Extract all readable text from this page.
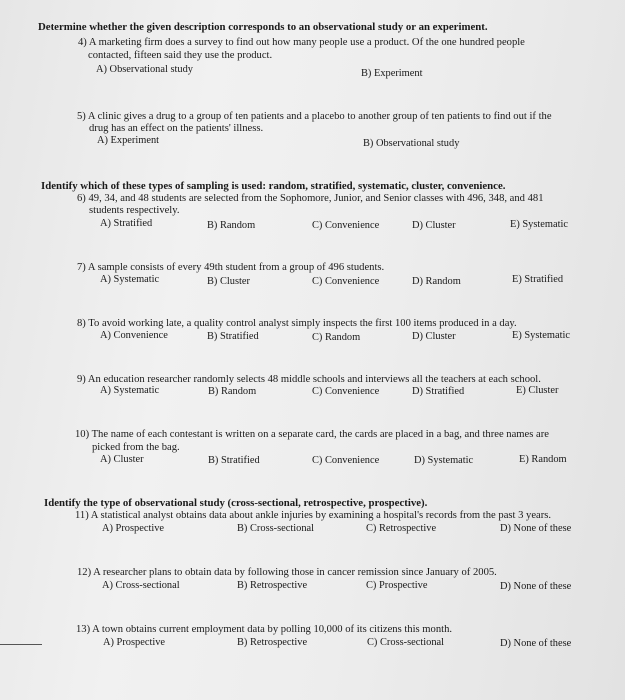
Determine whether the given description corresponds to an observational study or an experiment.
4) A marketing firm does a survey to find out how many people use a product. Of the one hundred people
contacted, fifteen said they use the product.
A) Observational study	B) Experiment
5) A clinic gives a drug to a group of ten patients and a placebo to another group of ten patients to find out if the
drug has an effect on the patients' illness.
A) Experiment	B) Observational study
Identify which of these types of sampling is used: random, stratified, systematic, cluster, convenience.
6) 49, 34, and 48 students are selected from the Sophomore, Junior, and Senior classes with 496, 348, and 481
students respectively.
A) Stratified	B) Random	C) Convenience	D) Cluster	E) Systematic
7) A sample consists of every 49th student from a group of 496 students.
A) Systematic	B) Cluster	C) Convenience	D) Random	E) Stratified
8) To avoid working late, a quality control analyst simply inspects the first 100 items produced in a day.
A) Convenience	B) Stratified	C) Random	D) Cluster	E) Systematic
9) An education researcher randomly selects 48 middle schools and interviews all the teachers at each school.
A) Systematic	B) Random	C) Convenience	D) Stratified	E) Cluster
10) The name of each contestant is written on a separate card, the cards are placed in a bag, and three names are
picked from the bag.
A) Cluster	B) Stratified	C) Convenience	D) Systematic	E) Random
Identify the type of observational study (cross-sectional, retrospective, prospective).
11) A statistical analyst obtains data about ankle injuries by examining a hospital's records from the past 3 years.
A) Prospective	B) Cross-sectional	C) Retrospective	D) None of these
12) A researcher plans to obtain data by following those in cancer remission since January of 2005.
A) Cross-sectional	B) Retrospective	C) Prospective	D) None of these
13) A town obtains current employment data by polling 10,000 of its citizens this month.
A) Prospective	B) Retrospective	C) Cross-sectional	D) None of these
